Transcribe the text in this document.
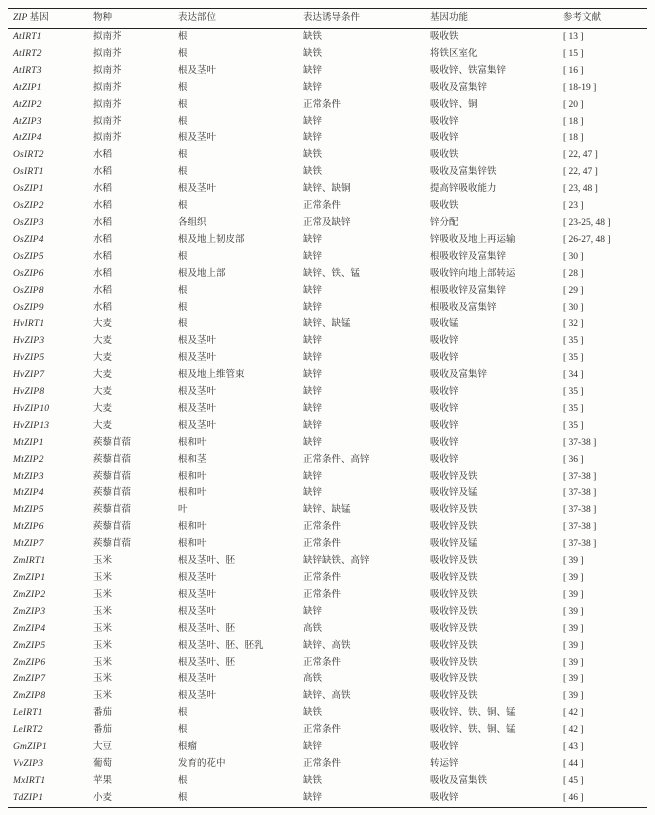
ZIP 基因	物种	表达部位	表达诱导条件	基因功能	参考文献
AtIRT1	拟南芥	根	缺铁	吸收铁	[ 13 ]
AtIRT2	拟南芥	根	缺铁	将铁区室化	[ 15 ]
AtIRT3	拟南芥	根及茎叶	缺锌	吸收锌、铁富集锌	[ 16 ]
AtZIP1	拟南芥	根	缺锌	吸收及富集锌	[ 18-19 ]
AtZIP2	拟南芥	根	正常条件	吸收锌、铜	[ 20 ]
AtZIP3	拟南芥	根	缺锌	吸收锌	[ 18 ]
AtZIP4	拟南芥	根及茎叶	缺锌	吸收锌	[ 18 ]
OsIRT2	水稻	根	缺铁	吸收铁	[ 22, 47 ]
OsIRT1	水稻	根	缺铁	吸收及富集锌铁	[ 22, 47 ]
OsZIP1	水稻	根及茎叶	缺锌、缺铜	提高锌吸收能力	[ 23, 48 ]
OsZIP2	水稻	根	正常条件	吸收铁	[ 23 ]
OsZIP3	水稻	各组织	正常及缺锌	锌分配	[ 23-25, 48 ]
OsZIP4	水稻	根及地上韧皮部	缺锌	锌吸收及地上再运输	[ 26-27, 48 ]
OsZIP5	水稻	根	缺锌	根吸收锌及富集锌	[ 30 ]
OsZIP6	水稻	根及地上部	缺锌、铁、锰	吸收锌向地上部转运	[ 28 ]
OsZIP8	水稻	根	缺锌	根吸收锌及富集锌	[ 29 ]
OsZIP9	水稻	根	缺锌	根吸收及富集锌	[ 30 ]
HvIRT1	大麦	根	缺锌、缺锰	吸收锰	[ 32 ]
HvZIP3	大麦	根及茎叶	缺锌	吸收锌	[ 35 ]
HvZIP5	大麦	根及茎叶	缺锌	吸收锌	[ 35 ]
HvZIP7	大麦	根及地上维管束	缺锌	吸收及富集锌	[ 34 ]
HvZIP8	大麦	根及茎叶	缺锌	吸收锌	[ 35 ]
HvZIP10	大麦	根及茎叶	缺锌	吸收锌	[ 35 ]
HvZIP13	大麦	根及茎叶	缺锌	吸收锌	[ 35 ]
MtZIP1	蒺藜苜蓿	根和叶	缺锌	吸收锌	[ 37-38 ]
MtZIP2	蒺藜苜蓿	根和茎	正常条件、高锌	吸收锌	[ 36 ]
MtZIP3	蒺藜苜蓿	根和叶	缺锌	吸收锌及铁	[ 37-38 ]
MtZIP4	蒺藜苜蓿	根和叶	缺锌	吸收锌及锰	[ 37-38 ]
MtZIP5	蒺藜苜蓿	叶	缺锌、缺锰	吸收锌及铁	[ 37-38 ]
MtZIP6	蒺藜苜蓿	根和叶	正常条件	吸收锌及铁	[ 37-38 ]
MtZIP7	蒺藜苜蓿	根和叶	正常条件	吸收锌及锰	[ 37-38 ]
ZmIRT1	玉米	根及茎叶、胚	缺锌缺铁、高锌	吸收锌及铁	[ 39 ]
ZmZIP1	玉米	根及茎叶	正常条件	吸收锌及铁	[ 39 ]
ZmZIP2	玉米	根及茎叶	正常条件	吸收锌及铁	[ 39 ]
ZmZIP3	玉米	根及茎叶	缺锌	吸收锌及铁	[ 39 ]
ZmZIP4	玉米	根及茎叶、胚	高铁	吸收锌及铁	[ 39 ]
ZmZIP5	玉米	根及茎叶、胚、胚乳	缺锌、高铁	吸收锌及铁	[ 39 ]
ZmZIP6	玉米	根及茎叶、胚	正常条件	吸收锌及铁	[ 39 ]
ZmZIP7	玉米	根及茎叶	高铁	吸收锌及铁	[ 39 ]
ZmZIP8	玉米	根及茎叶	缺锌、高铁	吸收锌及铁	[ 39 ]
LeIRT1	番茄	根	缺铁	吸收锌、铁、铜、锰	[ 42 ]
LeIRT2	番茄	根	正常条件	吸收锌、铁、铜、锰	[ 42 ]
GmZIP1	大豆	根瘤	缺锌	吸收锌	[ 43 ]
VvZIP3	葡萄	发育的花中	正常条件	转运锌	[ 44 ]
MxIRT1	苹果	根	缺铁	吸收及富集铁	[ 45 ]
TdZIP1	小麦	根	缺锌	吸收锌	[ 46 ]
